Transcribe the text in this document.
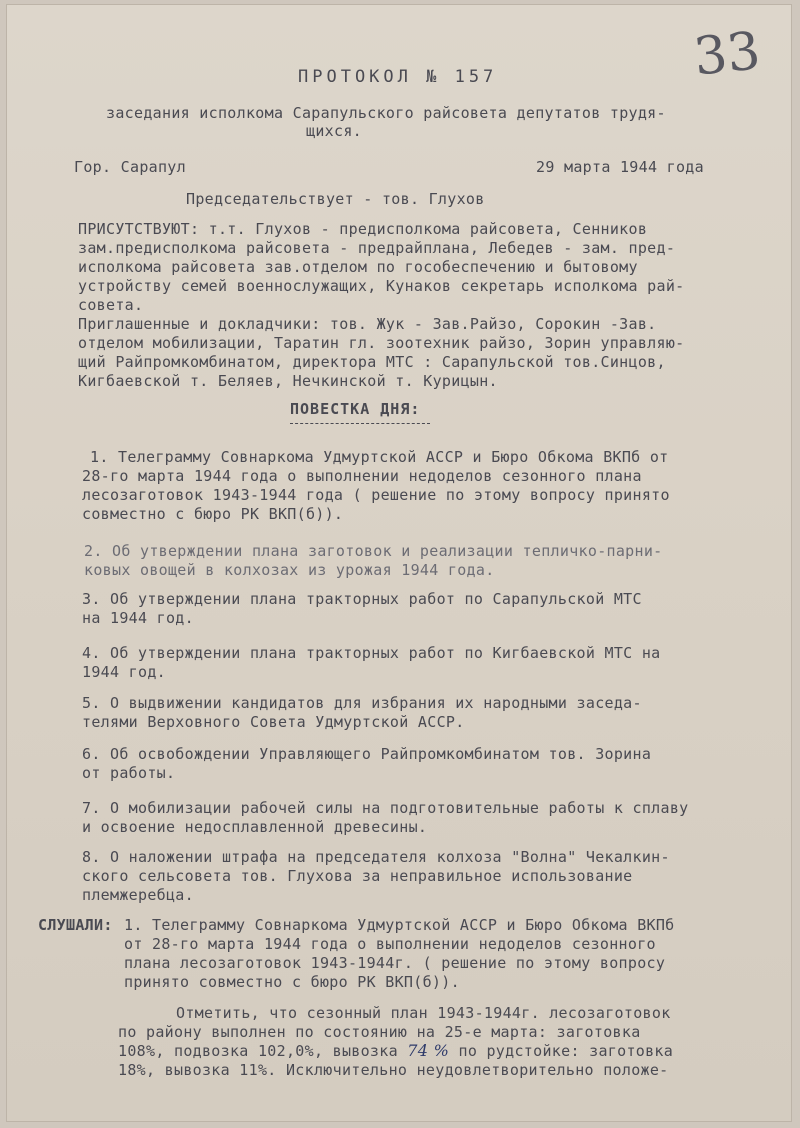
33
ПРОТОКОЛ № 157
заседания исполкома Сарапульского райсовета депутатов трудя-
щихся.
Гор. Сарапул	29 марта 1944 года
Председательствует - тов. Глухов
ПРИСУТСТВУЮТ: т.т. Глухов - предисполкома райсовета, Сенников
зам.предисполкома райсовета - предрайплана, Лебедев - зам. пред-
исполкома райсовета зав.отделом по гособеспечению и бытовому
устройству семей военнослужащих, Кунаков секретарь исполкома рай-
совета.
Приглашенные и докладчики: тов. Жук - Зав.Райзо, Сорокин -Зав.
отделом мобилизации, Таратин гл. зоотехник райзо, Зорин управляю-
щий Райпромкомбинатом, директора МТС : Сарапульской тов.Синцов,
Кигбаевской т. Беляев, Нечкинской т. Курицын.
ПОВЕСТКА ДНЯ:
1. Телеграмму Совнаркома Удмуртской АССР и Бюро Обкома ВКПб от
28-го марта 1944 года о выполнении недоделов сезонного плана
лесозаготовок 1943-1944 года ( решение по этому вопросу принято
совместно с бюро РК ВКП(б)).
2. Об утверждении плана заготовок и реализации тепличко-парни-
ковых овощей в колхозах из урожая 1944 года.
3. Об утверждении плана тракторных работ по Сарапульской МТС
на 1944 год.
4. Об утверждении плана тракторных работ по Кигбаевской МТС на
1944 год.
5. О выдвижении кандидатов для избрания их народными заседа-
телями Верховного Совета Удмуртской АССР.
6. Об освобождении Управляющего Райпромкомбинатом тов. Зорина
от работы.
7. О мобилизации рабочей силы на подготовительные работы к сплаву
и освоение недосплавленной древесины.
8. О наложении штрафа на председателя колхоза "Волна" Чекалкин-
ского сельсовета тов. Глухова за неправильное использование
племжеребца.
СЛУШАЛИ: 1. Телеграмму Совнаркома Удмуртской АССР и Бюро Обкома ВКПб
от 28-го марта 1944 года о выполнении недоделов сезонного
плана лесозаготовок 1943-1944г. ( решение по этому вопросу
принято совместно с бюро РК ВКП(б)).
Отметить, что сезонный план 1943-1944г. лесозаготовок
по району выполнен по состоянию на 25-е марта: заготовка
108%, подвозка 102,0%, вывозка 74 % по рудстойке: заготовка
18%, вывозка 11%. Исключительно неудовлетворительно положе-
